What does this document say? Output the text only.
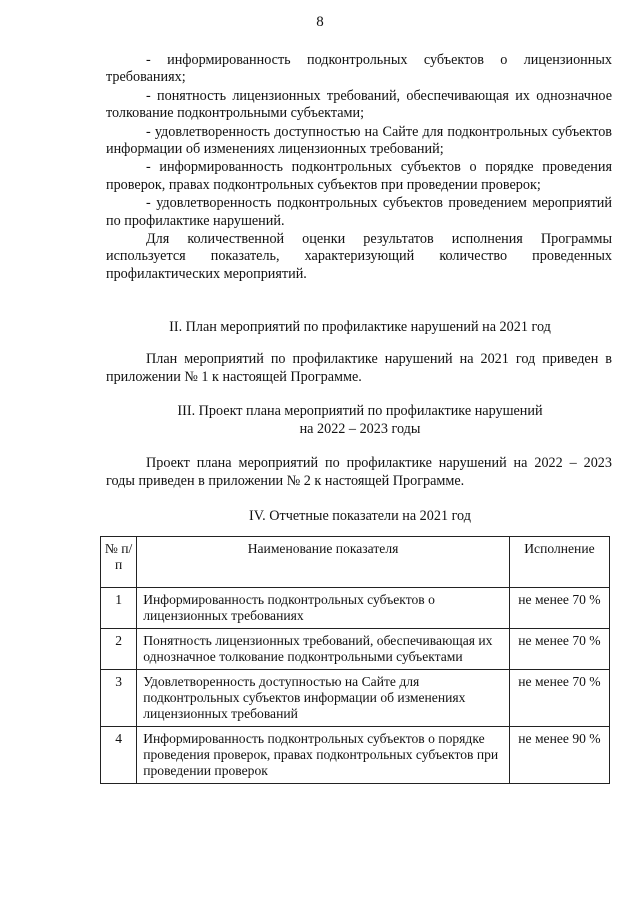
8

- информированность подконтрольных субъектов о лицензионных требованиях;

- понятность лицензионных требований, обеспечивающая их однозначное толкование подконтрольными субъектами;

- удовлетворенность доступностью на Сайте для подконтрольных субъектов информации об изменениях лицензионных требований;

- информированность подконтрольных субъектов о порядке проведения проверок, правах подконтрольных субъектов при проведении проверок;

- удовлетворенность подконтрольных субъектов проведением мероприятий по профилактике нарушений.

Для количественной оценки результатов исполнения Программы используется показатель, характеризующий количество проведенных профилактических мероприятий.

II. План мероприятий по профилактике нарушений на 2021 год

План мероприятий по профилактике нарушений на 2021 год приведен в приложении № 1 к настоящей Программе.

III. Проект плана мероприятий по профилактике нарушений
на 2022 – 2023 годы

Проект плана мероприятий по профилактике нарушений на 2022 – 2023 годы приведен в приложении № 2 к настоящей Программе.

IV. Отчетные показатели на 2021 год
№ п/п	Наименование показателя	Исполнение
1	Информированность подконтрольных субъектов о лицензионных требованиях	не менее 70 %
2	Понятность лицензионных требований, обеспечивающая их однозначное толкование подконтрольными субъектами	не менее 70 %
3	Удовлетворенность доступностью на Сайте для подконтрольных субъектов информации об изменениях лицензионных требований	не менее 70 %
4	Информированность подконтрольных субъектов о порядке проведения проверок, правах подконтрольных субъектов при проведении проверок	не менее 90 %
